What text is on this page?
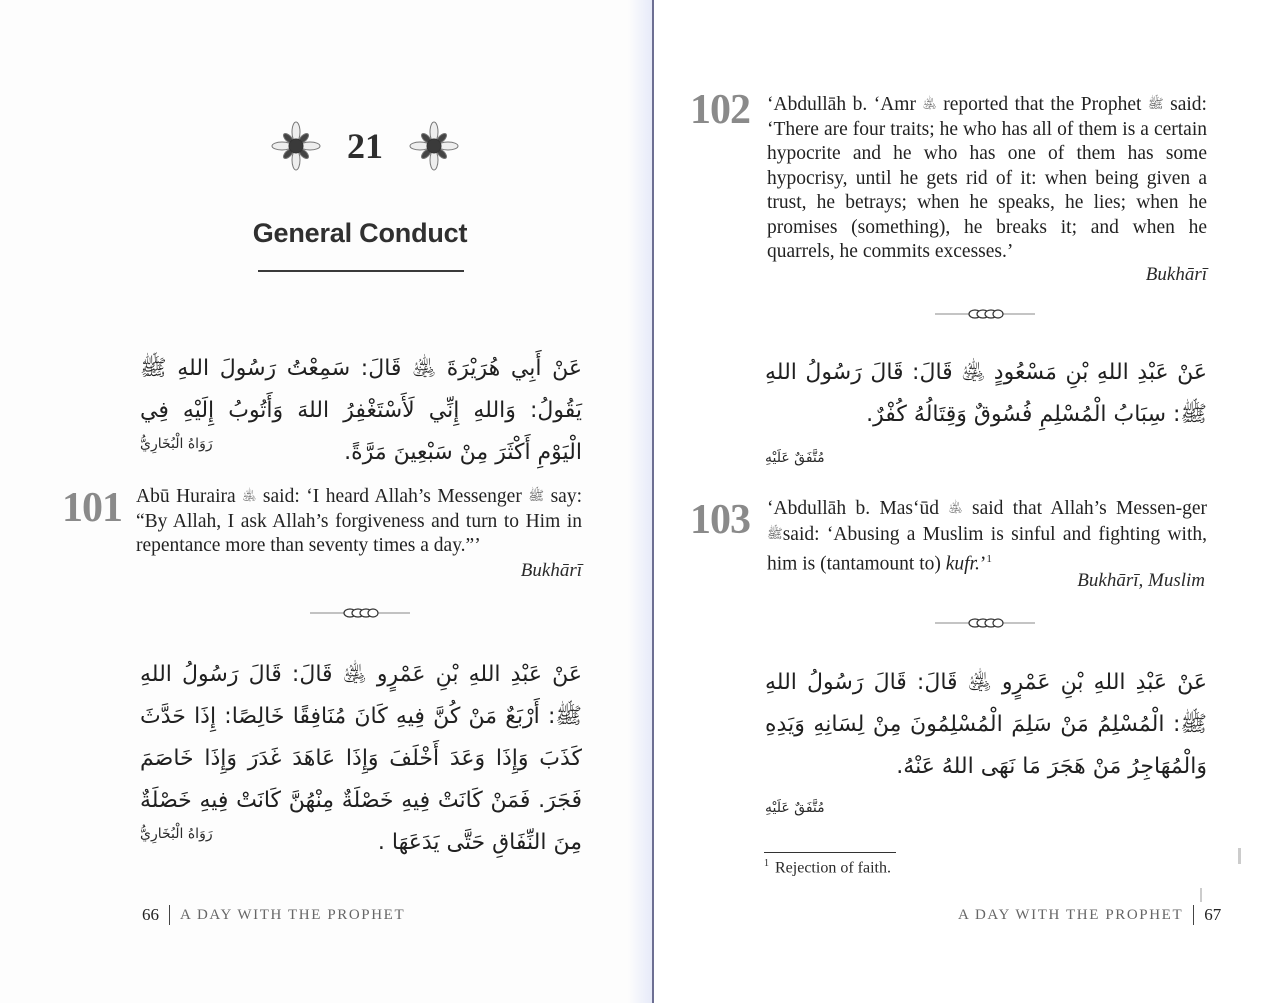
21
General Conduct
عَنْ أَبِي هُرَيْرَةَ ﵁ قَالَ: سَمِعْتُ رَسُولَ اللهِ ﷺ يَقُولُ: وَاللهِ إِنِّي لَأَسْتَغْفِرُ اللهَ وَأَتُوبُ إِلَيْهِ فِي الْيَوْمِ أَكْثَرَ مِنْ سَبْعِينَ مَرَّةً.
رَوَاهُ الْبُخَارِيُّ
101 Abū Huraira ﵁ said: ‘I heard Allah’s Messenger ﷺ say: “By Allah, I ask Allah’s forgiveness and turn to Him in repentance more than seventy times a day.”’
Bukhārī
عَنْ عَبْدِ اللهِ بْنِ عَمْرٍو ﵁ قَالَ: قَالَ رَسُولُ اللهِ ﷺ: أَرْبَعٌ مَنْ كُنَّ فِيهِ كَانَ مُنَافِقًا خَالِصًا: إِذَا حَدَّثَ كَذَبَ وَإِذَا وَعَدَ أَخْلَفَ وَإِذَا عَاهَدَ غَدَرَ وَإِذَا خَاصَمَ فَجَرَ. فَمَنْ كَانَتْ فِيهِ خَصْلَةٌ مِنْهُنَّ كَانَتْ فِيهِ خَصْلَةٌ مِنَ النِّفَاقِ حَتَّى يَدَعَهَا .
رَوَاهُ الْبُخَارِيُّ
66 A DAY WITH THE PROPHET
102 ‘Abdullāh b. ‘Amr ﵁ reported that the Prophet ﷺ said: ‘There are four traits; he who has all of them is a certain hypocrite and he who has one of them has some hypocrisy, until he gets rid of it: when being given a trust, he betrays; when he speaks, he lies; when he promises (something), he breaks it; and when he quarrels, he commits excesses.’
Bukhārī
عَنْ عَبْدِ اللهِ بْنِ مَسْعُودٍ ﵁ قَالَ: قَالَ رَسُولُ اللهِ ﷺ: سِبَابُ الْمُسْلِمِ فُسُوقٌ وَقِتَالُهُ كُفْرٌ.
مُتَّفَقٌ عَلَيْهِ
103 ‘Abdullāh b. Mas‘ūd ﵁ said that Allah’s Messen-ger ﷺsaid: ‘Abusing a Muslim is sinful and fighting with, him is (tantamount to) kufr.’$^1$
Bukhārī, Muslim
عَنْ عَبْدِ اللهِ بْنِ عَمْرٍو ﵁ قَالَ: قَالَ رَسُولُ اللهِ ﷺ: الْمُسْلِمُ مَنْ سَلِمَ الْمُسْلِمُونَ مِنْ لِسَانِهِ وَيَدِهِ وَالْمُهَاجِرُ مَنْ هَجَرَ مَا نَهَى اللهُ عَنْهُ.
مُتَّفَقٌ عَلَيْهِ
$^1$ Rejection of faith.
A DAY WITH THE PROPHET 67
